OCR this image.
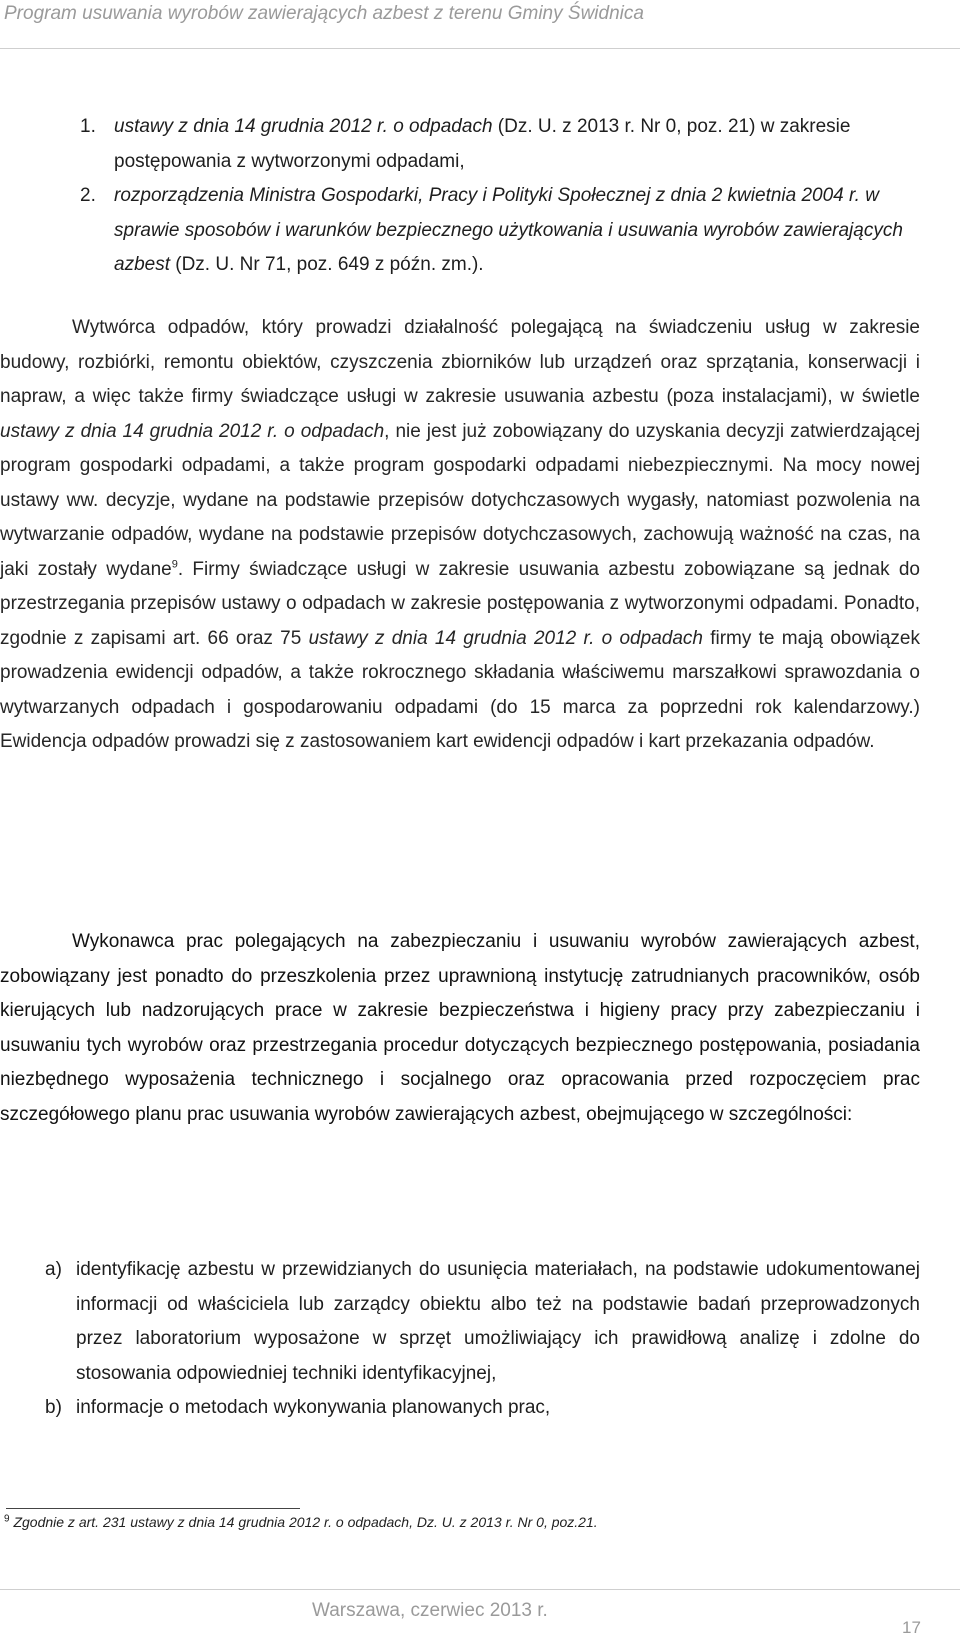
Program usuwania wyrobów zawierających azbest z terenu Gminy Świdnica
1. ustawy z dnia 14 grudnia 2012 r. o odpadach (Dz. U. z 2013 r. Nr 0, poz. 21) w zakresie postępowania z wytworzonymi odpadami,
2. rozporządzenia Ministra Gospodarki, Pracy i Polityki Społecznej z dnia 2 kwietnia 2004 r. w sprawie sposobów i warunków bezpiecznego użytkowania i usuwania wyrobów zawierających azbest (Dz. U. Nr 71, poz. 649 z późn. zm.).
Wytwórca odpadów, który prowadzi działalność polegającą na świadczeniu usług w zakresie budowy, rozbiórki, remontu obiektów, czyszczenia zbiorników lub urządzeń oraz sprzątania, konserwacji i napraw, a więc także firmy świadczące usługi w zakresie usuwania azbestu (poza instalacjami), w świetle ustawy z dnia 14 grudnia 2012 r. o odpadach, nie jest już zobowiązany do uzyskania decyzji zatwierdzającej program gospodarki odpadami, a także program gospodarki odpadami niebezpiecznymi. Na mocy nowej ustawy ww. decyzje, wydane na podstawie przepisów dotychczasowych wygasły, natomiast pozwolenia na wytwarzanie odpadów, wydane na podstawie przepisów dotychczasowych, zachowują ważność na czas, na jaki zostały wydane$^9$. Firmy świadczące usługi w zakresie usuwania azbestu zobowiązane są jednak do przestrzegania przepisów ustawy o odpadach w zakresie postępowania z wytworzonymi odpadami. Ponadto, zgodnie z zapisami art. 66 oraz 75 ustawy z dnia 14 grudnia 2012 r. o odpadach firmy te mają obowiązek prowadzenia ewidencji odpadów, a także rokrocznego składania właściwemu marszałkowi sprawozdania o wytwarzanych odpadach i gospodarowaniu odpadami (do 15 marca za poprzedni rok kalendarzowy.) Ewidencja odpadów prowadzi się z zastosowaniem kart ewidencji odpadów i kart przekazania odpadów.
Wykonawca prac polegających na zabezpieczaniu i usuwaniu wyrobów zawierających azbest, zobowiązany jest ponadto do przeszkolenia przez uprawnioną instytucję zatrudnianych pracowników, osób kierujących lub nadzorujących prace w zakresie bezpieczeństwa i higieny pracy przy zabezpieczaniu i usuwaniu tych wyrobów oraz przestrzegania procedur dotyczących bezpiecznego postępowania, posiadania niezbędnego wyposażenia technicznego i socjalnego oraz opracowania przed rozpoczęciem prac szczegółowego planu prac usuwania wyrobów zawierających azbest, obejmującego w szczególności:
a) identyfikację azbestu w przewidzianych do usunięcia materiałach, na podstawie udokumentowanej informacji od właściciela lub zarządcy obiektu albo też na podstawie badań przeprowadzonych przez laboratorium wyposażone w sprzęt umożliwiający ich prawidłową analizę i zdolne do stosowania odpowiedniej techniki identyfikacyjnej,
b) informacje o metodach wykonywania planowanych prac,
$^9$ Zgodnie z art. 231 ustawy z dnia 14 grudnia 2012 r. o odpadach, Dz. U. z 2013 r. Nr 0, poz.21.
Warszawa, czerwiec 2013 r.
17
